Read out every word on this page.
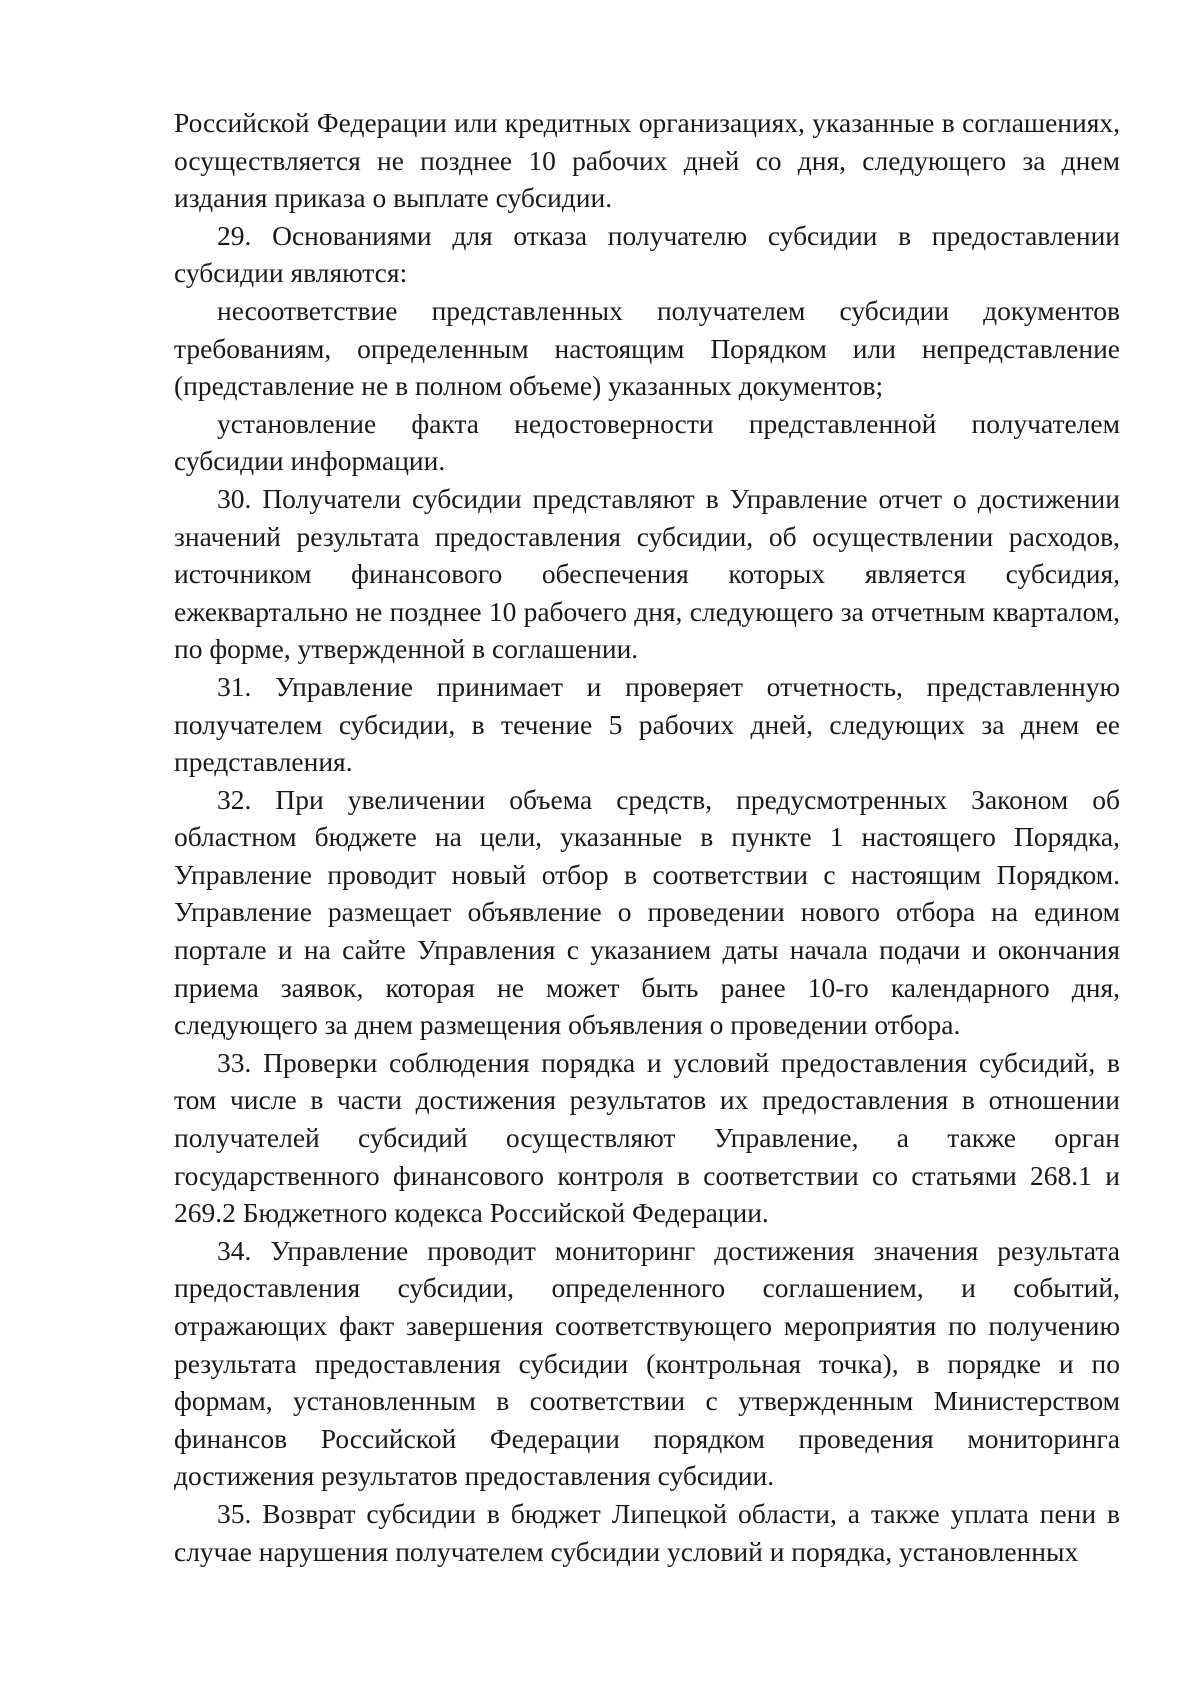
Российской Федерации или кредитных организациях, указанные в соглашениях, осуществляется не позднее 10 рабочих дней со дня, следующего за днем издания приказа о выплате субсидии.

29. Основаниями для отказа получателю субсидии в предоставлении субсидии являются:

несоответствие представленных получателем субсидии документов требованиям, определенным настоящим Порядком или непредставление (представление не в полном объеме) указанных документов;

установление факта недостоверности представленной получателем субсидии информации.

30. Получатели субсидии представляют в Управление отчет о достижении значений результата предоставления субсидии, об осуществлении расходов, источником финансового обеспечения которых является субсидия, ежеквартально не позднее 10 рабочего дня, следующего за отчетным кварталом, по форме, утвержденной в соглашении.

31. Управление принимает и проверяет отчетность, представленную получателем субсидии, в течение 5 рабочих дней, следующих за днем ее представления.

32. При увеличении объема средств, предусмотренных Законом об областном бюджете на цели, указанные в пункте 1 настоящего Порядка, Управление проводит новый отбор в соответствии с настоящим Порядком. Управление размещает объявление о проведении нового отбора на едином портале и на сайте Управления с указанием даты начала подачи и окончания приема заявок, которая не может быть ранее 10-го календарного дня, следующего за днем размещения объявления о проведении отбора.

33. Проверки соблюдения порядка и условий предоставления субсидий, в том числе в части достижения результатов их предоставления в отношении получателей субсидий осуществляют Управление, а также орган государственного финансового контроля в соответствии со статьями 268.1 и 269.2 Бюджетного кодекса Российской Федерации.

34. Управление проводит мониторинг достижения значения результата предоставления субсидии, определенного соглашением, и событий, отражающих факт завершения соответствующего мероприятия по получению результата предоставления субсидии (контрольная точка), в порядке и по формам, установленным в соответствии с утвержденным Министерством финансов Российской Федерации порядком проведения мониторинга достижения результатов предоставления субсидии.

35. Возврат субсидии в бюджет Липецкой области, а также уплата пени в случае нарушения получателем субсидии условий и порядка, установленных
